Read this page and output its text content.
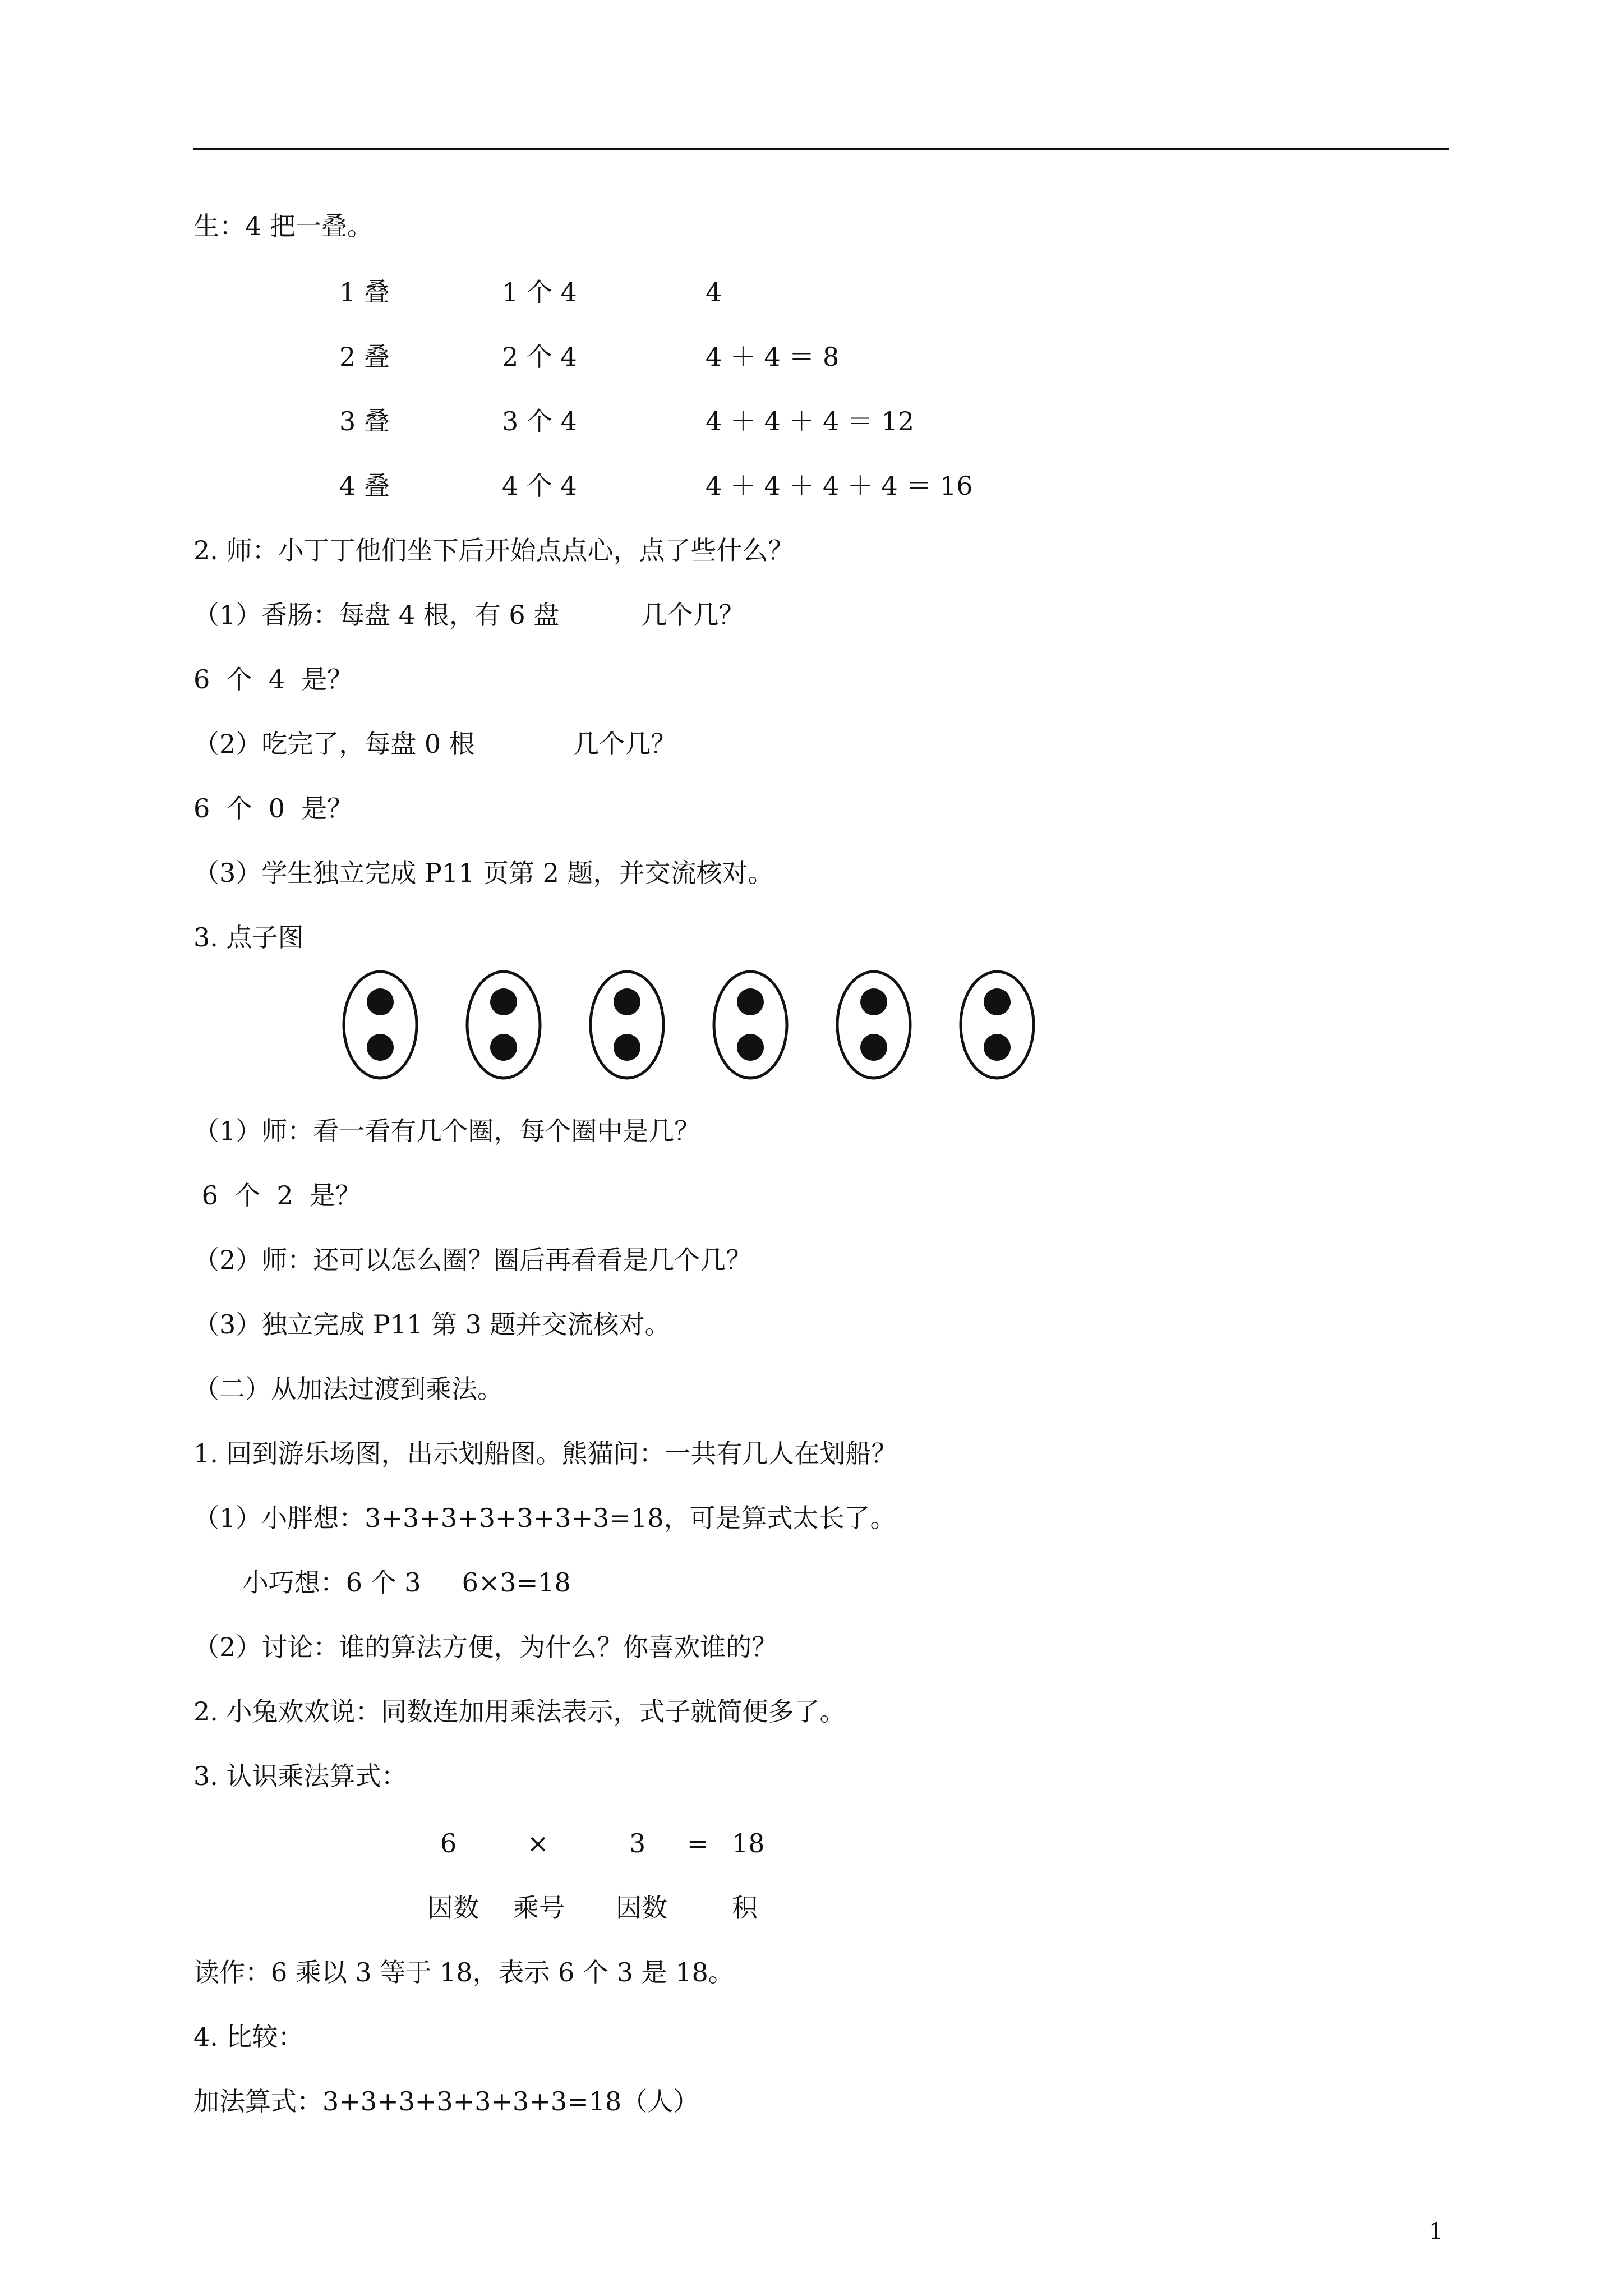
生：4 把一叠。
1 叠	1 个 4	4
2 叠	2 个 4	4 ＋ 4 ＝ 8
3 叠	3 个 4	4 ＋ 4 ＋ 4 ＝ 12
4 叠	4 个 4	4 ＋ 4 ＋ 4 ＋ 4 ＝ 16
2. 师：小丁丁他们坐下后开始点点心，点了些什么？
（1）香肠：每盘 4 根，有 6 盘          几个几？
6  个  4  是？
（2）吃完了，每盘 0 根            几个几？
6  个  0  是？
（3）学生独立完成 P11 页第 2 题，并交流核对。
3. 点子图
（1）师：看一看有几个圈，每个圈中是几？
6  个  2  是？
（2）师：还可以怎么圈？圈后再看看是几个几？
（3）独立完成 P11 第 3 题并交流核对。
（二）从加法过渡到乘法。
1. 回到游乐场图，出示划船图。熊猫问：一共有几人在划船？
（1）小胖想：3+3+3+3+3+3+3=18，可是算式太长了。
小巧想：6 个 3     6×3=18
（2）讨论：谁的算法方便，为什么？你喜欢谁的？
2. 小兔欢欢说：同数连加用乘法表示，式子就简便多了。
3. 认识乘法算式：
6	×	3 = 18
因数 乘号 因数	积
读作：6 乘以 3 等于 18，表示 6 个 3 是 18。
4. 比较：
加法算式：3+3+3+3+3+3+3=18（人）
1
